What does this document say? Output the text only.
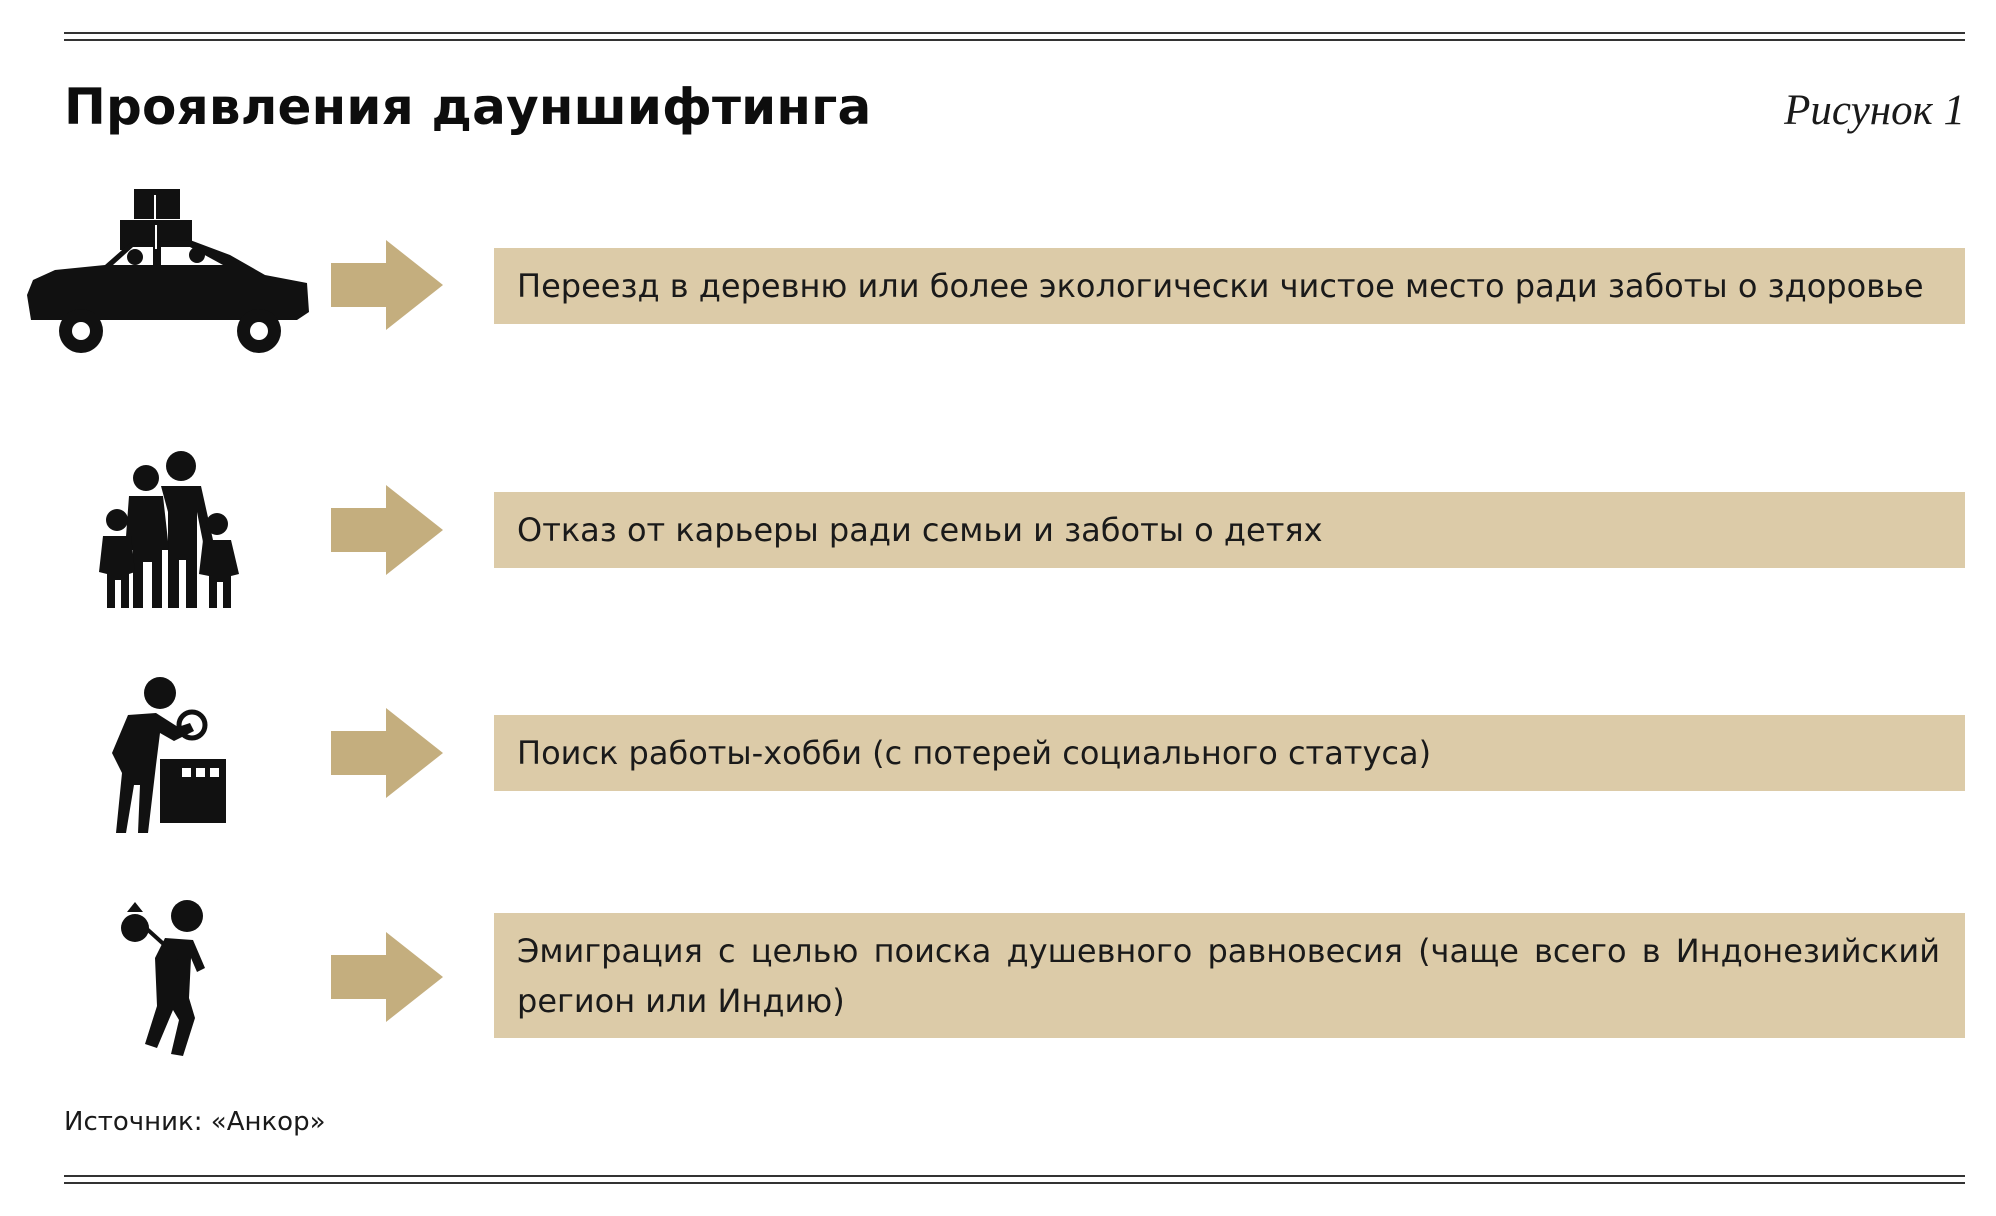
Проявления дауншифтинга	Рисунок 1
Переезд в деревню или более экологически чистое место ради заботы о здоровье
Отказ от карьеры ради семьи и заботы о детях
Поиск работы-хобби (с потерей социального статуса)
Эмиграция с целью поиска душевного равновесия (чаще всего в Индонезийский регион или Индию)
Источник: «Анкор»
